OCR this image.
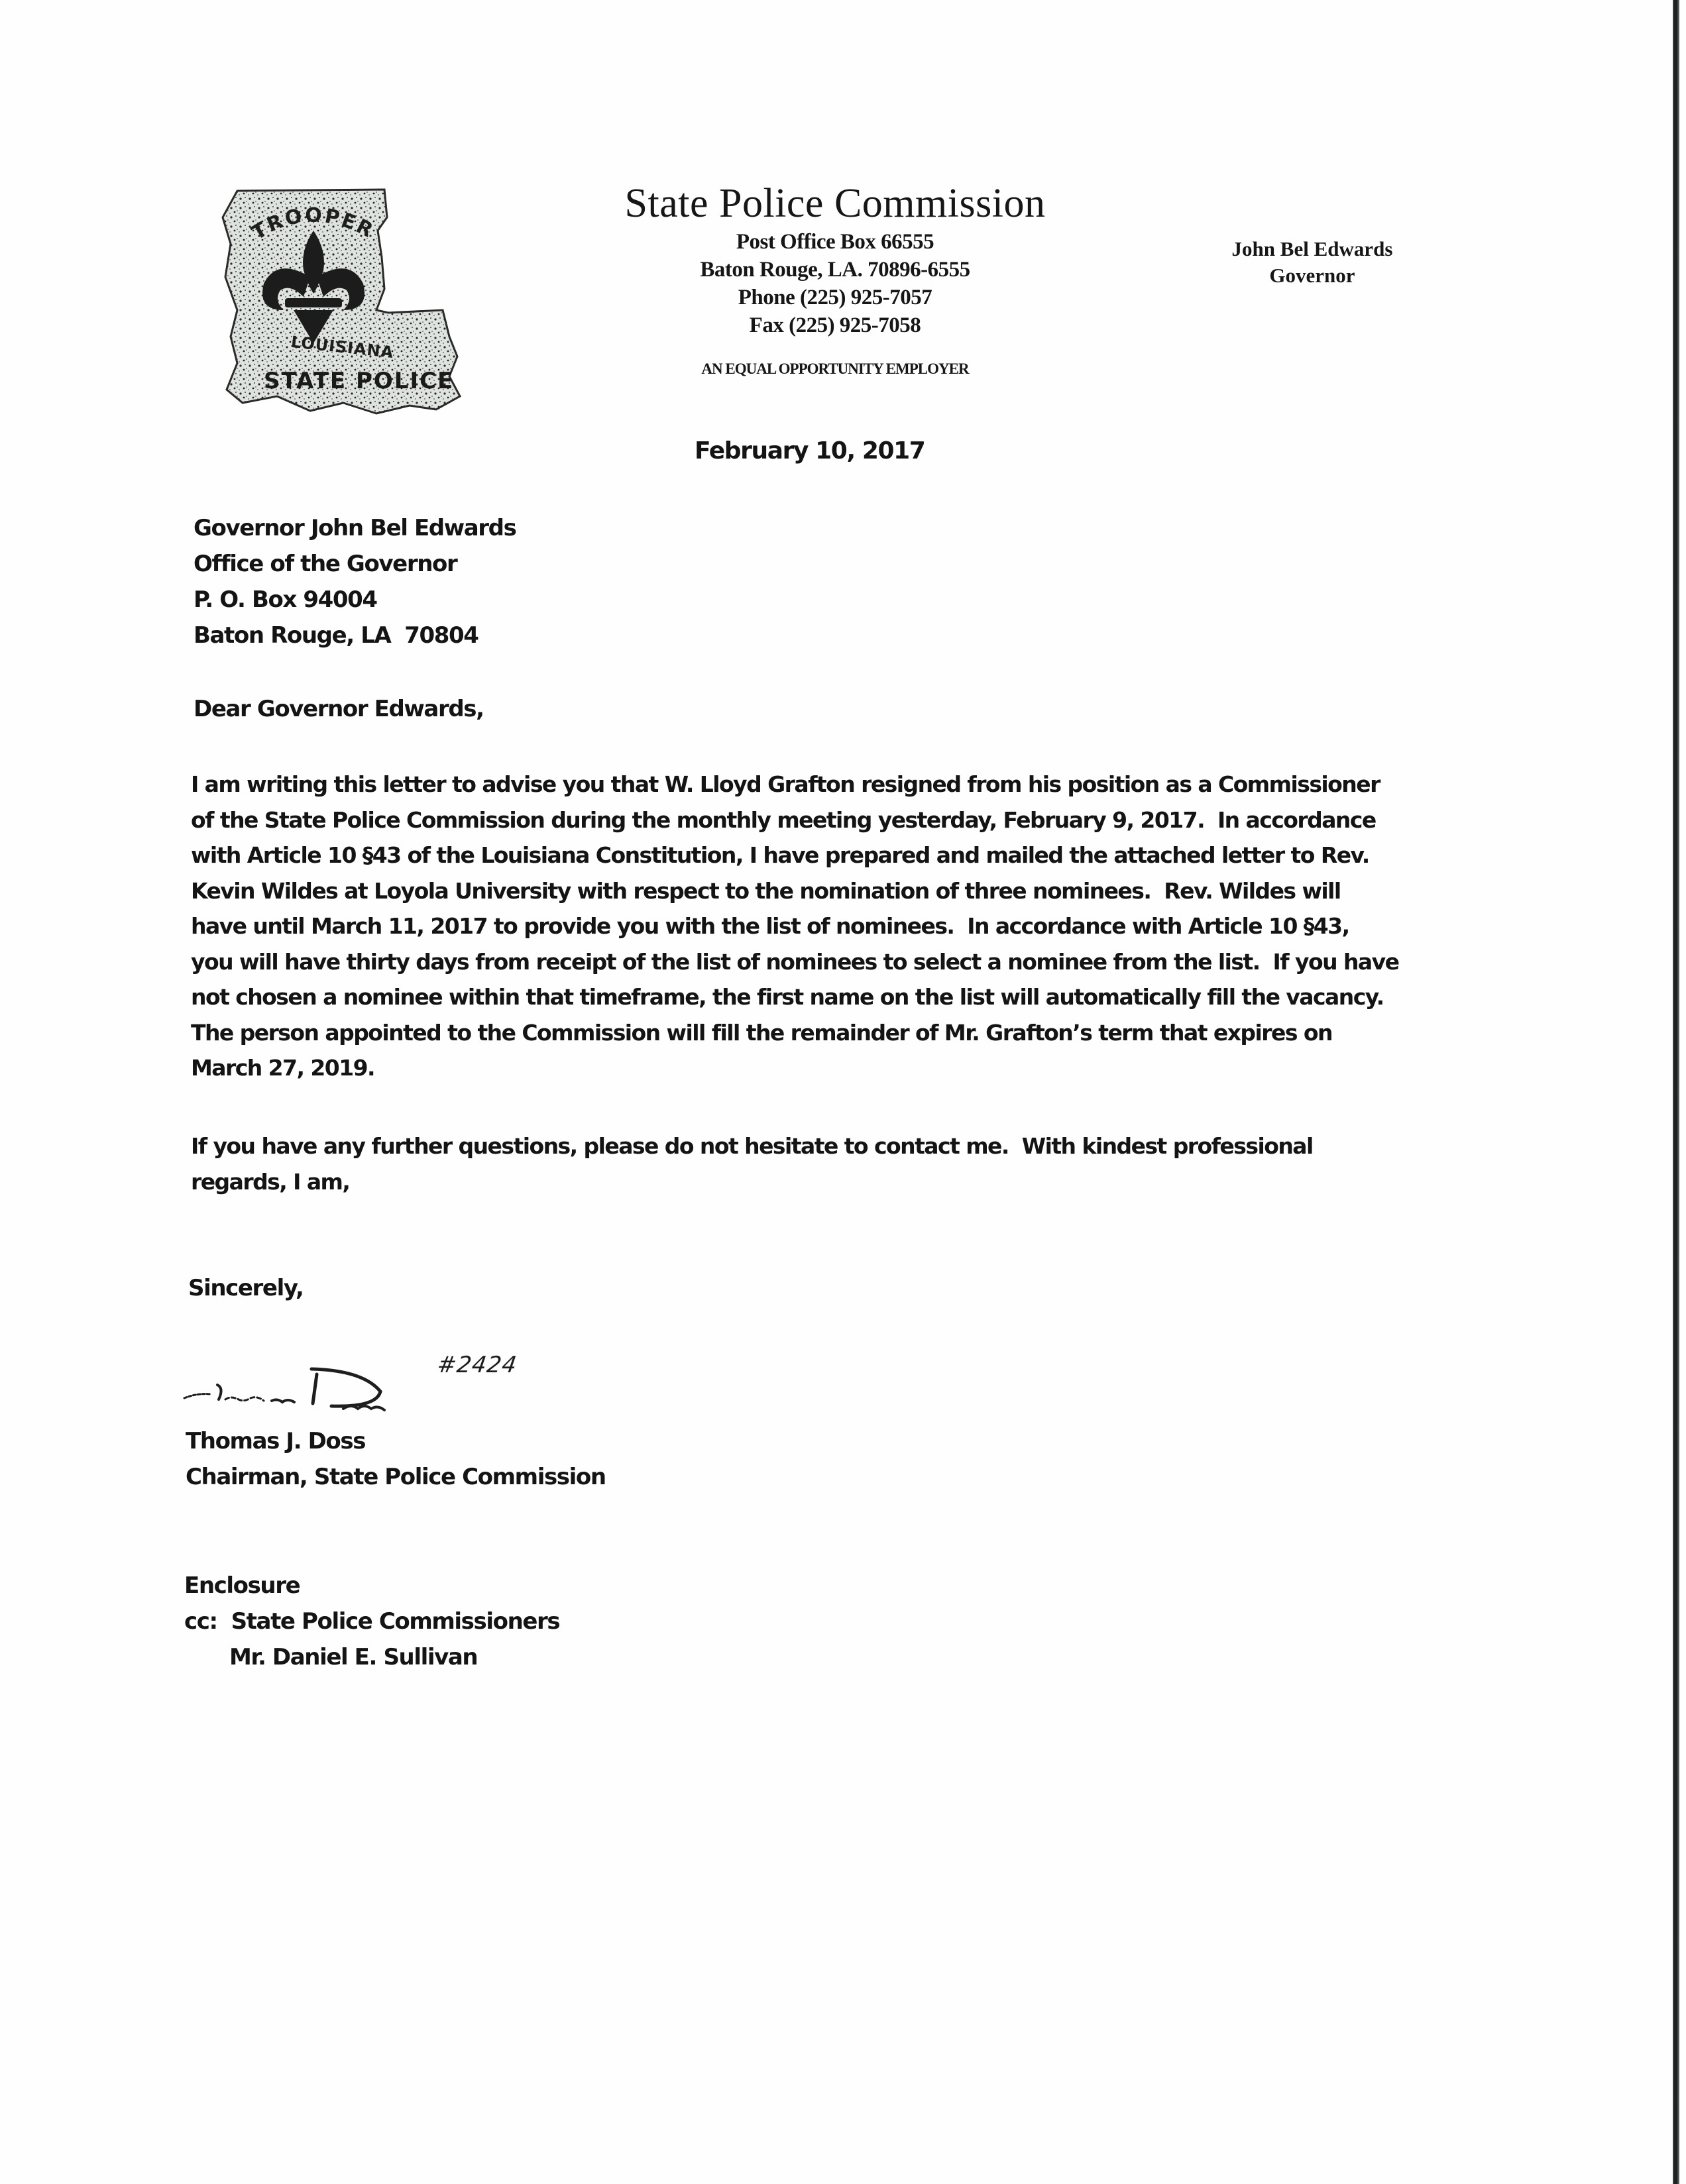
TROOPER
LOUISIANA
STATE POLICE
State Police Commission
Post Office Box 66555
Baton Rouge, LA. 70896-6555
Phone (225) 925-7057
Fax (225) 925-7058
AN EQUAL OPPORTUNITY EMPLOYER
John Bel Edwards
Governor
February 10, 2017
Governor John Bel Edwards
Office of the Governor
P. O. Box 94004
Baton Rouge, LA  70804
Dear Governor Edwards,
I am writing this letter to advise you that W. Lloyd Grafton resigned from his position as a Commissioner
of the State Police Commission during the monthly meeting yesterday, February 9, 2017.  In accordance
with Article 10 §43 of the Louisiana Constitution, I have prepared and mailed the attached letter to Rev.
Kevin Wildes at Loyola University with respect to the nomination of three nominees.  Rev. Wildes will
have until March 11, 2017 to provide you with the list of nominees.  In accordance with Article 10 §43,
you will have thirty days from receipt of the list of nominees to select a nominee from the list.  If you have
not chosen a nominee within that timeframe, the first name on the list will automatically fill the vacancy.
The person appointed to the Commission will fill the remainder of Mr. Grafton’s term that expires on
March 27, 2019.
If you have any further questions, please do not hesitate to contact me.  With kindest professional
regards, I am,
Sincerely,
#2424
Thomas J. Doss
Chairman, State Police Commission
Enclosure
cc: State Police Commissioners
Mr. Daniel E. Sullivan
